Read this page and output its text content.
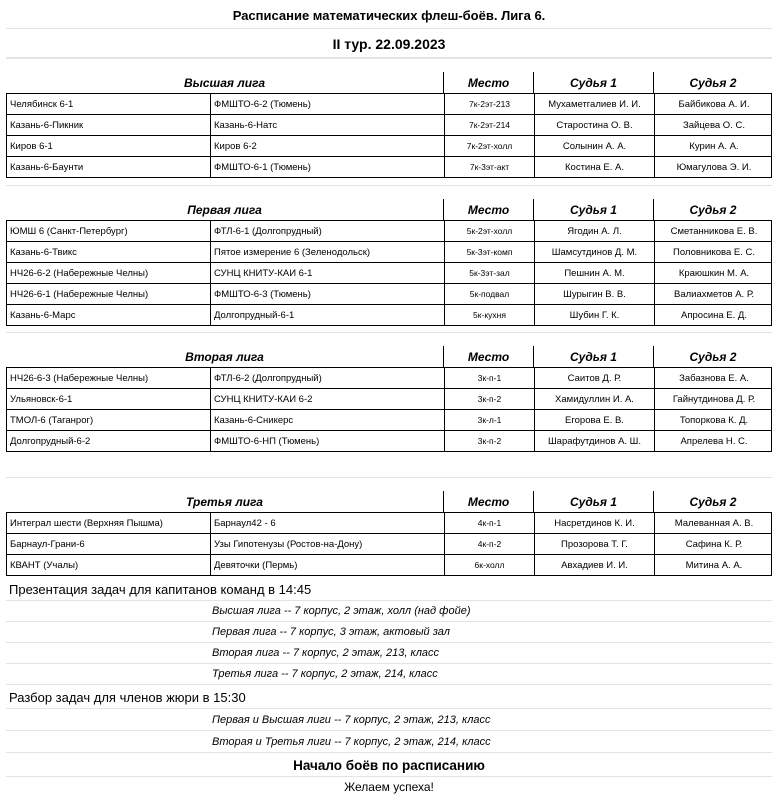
Расписание математических флеш-боёв. Лига 6.
II тур. 22.09.2023
Высшая лига	Место	Судья 1	Судья 2
Челябинск 6-1	ФМШТО-6-2 (Тюмень)	7к-2эт-213	Мухаметгалиев И. И.	Байбикова А. И.
Казань-6-Пикник	Казань-6-Натс	7к-2эт-214	Старостина О. В.	Зайцева О. С.
Киров 6-1	Киров 6-2	7к-2эт-холл	Солынин А. А.	Курин А. А.
Казань-6-Баунти	ФМШТО-6-1 (Тюмень)	7к-3эт-акт	Костина Е. А.	Юмагулова Э. И.
Первая лига	Место	Судья 1	Судья 2
ЮМШ 6 (Санкт-Петербург)	ФТЛ-6-1 (Долгопрудный)	5к-2эт-холл	Ягодин А. Л.	Сметанникова Е. В.
Казань-6-Твикс	Пятое измерение 6 (Зеленодольск)	5к-3эт-комп	Шамсутдинов Д. М.	Половникова Е. С.
НЧ26-6-2 (Набережные Челны)	СУНЦ КНИТУ-КАИ 6-1	5к-3эт-зал	Пешнин А. М.	Краюшкин М. А.
НЧ26-6-1 (Набережные Челны)	ФМШТО-6-3 (Тюмень)	5к-подвал	Шурыгин В. В.	Валиахметов А. Р.
Казань-6-Марс	Долгопрудный-6-1	5к-кухня	Шубин Г. К.	Апросина Е. Д.
Вторая лига	Место	Судья 1	Судья 2
НЧ26-6-3 (Набережные Челны)	ФТЛ-6-2 (Долгопрудный)	3к-п-1	Саитов Д. Р.	Забазнова Е. А.
Ульяновск-6-1	СУНЦ КНИТУ-КАИ 6-2	3к-п-2	Хамидуллин И. А.	Гайнутдинова Д. Р.
ТМОЛ-6 (Таганрог)	Казань-6-Сникерс	3к-л-1	Егорова Е. В.	Топоркова К. Д.
Долгопрудный-6-2	ФМШТО-6-НП (Тюмень)	3к-п-2	Шарафутдинов А. Ш.	Апрелева Н. С.
Третья лига	Место	Судья 1	Судья 2
Интеграл шести (Верхняя Пышма)	Барнаул42 - 6	4к-п-1	Насретдинов К. И.	Малеванная А. В.
Барнаул-Грани-6	Узы Гипотенузы (Ростов-на-Дону)	4к-п-2	Прозорова Т. Г.	Сафина К. Р.
КВАНТ (Учалы)	Девяточки (Пермь)	6к-холл	Авхадиев И. И.	Митина А. А.
Презентация задач для капитанов команд в 14:45
Высшая лига -- 7 корпус, 2 этаж, холл (над фойе)
Первая лига -- 7 корпус, 3 этаж, актовый зал
Вторая лига -- 7 корпус, 2 этаж, 213, класс
Третья лига -- 7 корпус, 2 этаж, 214, класс
Разбор задач для членов жюри в 15:30
Первая и Высшая лиги -- 7 корпус, 2 этаж, 213, класс
Вторая и Третья лиги -- 7 корпус, 2 этаж, 214, класс
Начало боёв по расписанию
Желаем успеха!
